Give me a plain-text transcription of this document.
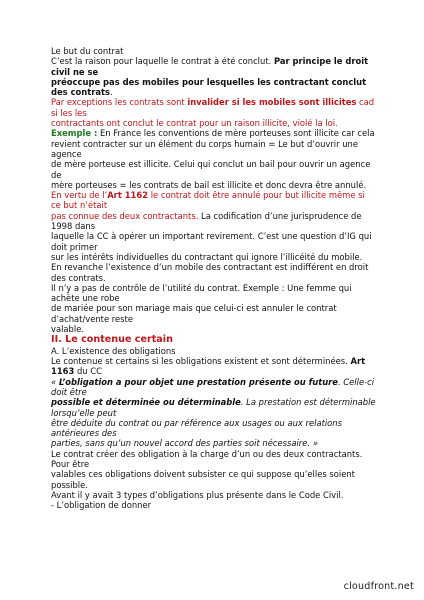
Le but du contrat

C’est la raison pour laquelle le contrat à été conclut. Par principe le droit civil ne se

préoccupe pas des mobiles pour lesquelles les contractant conclut des contrats.

Par exceptions les contrats sont invalider si les mobiles sont illicites cad si les les

contractants ont conclut le contrat pour un raison illicite, violé la loi.

Exemple : En France les conventions de mère porteuses sont illicite car cela

revient contracter sur un élément du corps humain = Le but d’ouvrir une agence

de mère porteuse est illicite. Celui qui conclut un bail pour ouvrir un agence de

mère porteuses = les contrats de bail est illicite et donc devra être annulé.

En vertu de l’Art 1162 le contrat doit être annulé pour but illicite même si ce but n’était

pas connue des deux contractants. La codification d’une jurisprudence de 1998 dans

laquelle la CC à opérer un important revirement. C’est une question d’IG qui doit primer

sur les intérêts individuelles du contractant qui ignore l’illicéité du mobile.

En revanche l’existence d’un mobile des contractant est indifférent en droit des contrats.

Il n’y a pas de contrôle de l’utilité du contrat. Exemple : Une femme qui achète une robe

de mariée pour son mariage mais que celui-ci est annuler le contrat d’achat/vente reste

valable.

II. Le contenue certain

A. L’existence des obligations

Le contenue st certains si les obligations existent et sont déterminées. Art 1163 du CC

« L’obligation a pour objet une prestation présente ou future. Celle-ci doit être

possible et déterminée ou déterminable. La prestation est déterminable lorsqu’elle peut

être déduite du contrat ou par référence aux usages ou aux relations antérieures des

parties, sans qu’un nouvel accord des parties soit nécessaire. »

Le contrat créer des obligation à la charge d’un ou des deux contractants. Pour être

valables ces obligations doivent subsister ce qui suppose qu’elles soient possible.

Avant il y avait 3 types d’obligations plus présente dans le Code Civil.

- L’obligation de donner

cloudfront.net
